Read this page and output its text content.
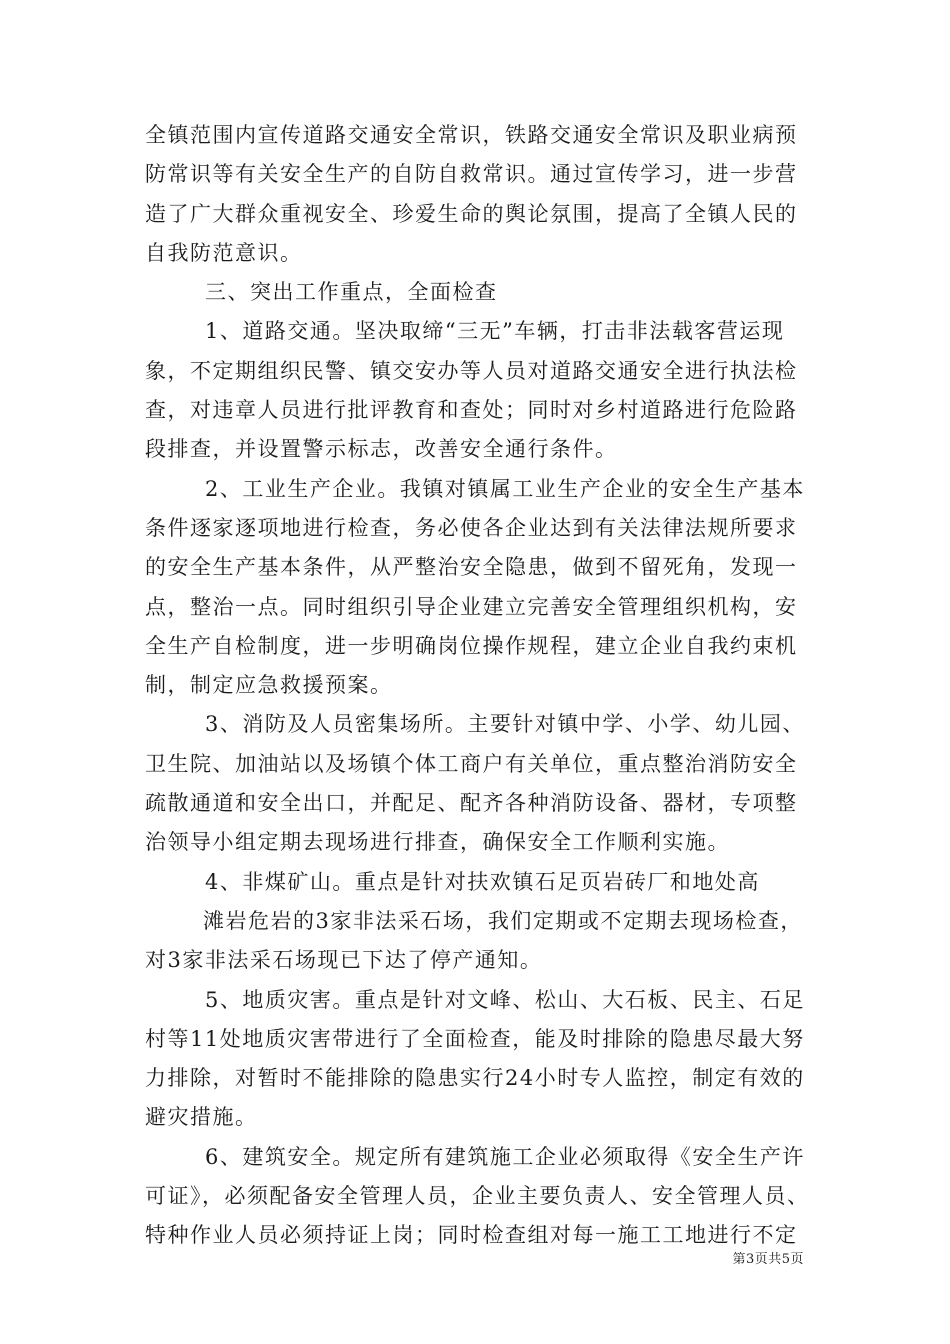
全镇范围内宣传道路交通安全常识，铁路交通安全常识及职业病预防常识等有关安全生产的自防自救常识。通过宣传学习，进一步营造了广大群众重视安全、珍爱生命的舆论氛围，提高了全镇人民的自我防范意识。

三、突出工作重点，全面检查

1、道路交通。坚决取缔“三无”车辆，打击非法载客营运现象，不定期组织民警、镇交安办等人员对道路交通安全进行执法检查，对违章人员进行批评教育和查处；同时对乡村道路进行危险路段排查，并设置警示标志，改善安全通行条件。

2、工业生产企业。我镇对镇属工业生产企业的安全生产基本条件逐家逐项地进行检查，务必使各企业达到有关法律法规所要求的安全生产基本条件，从严整治安全隐患，做到不留死角，发现一点，整治一点。同时组织引导企业建立完善安全管理组织机构，安全生产自检制度，进一步明确岗位操作规程，建立企业自我约束机制，制定应急救援预案。

3、消防及人员密集场所。主要针对镇中学、小学、幼儿园、卫生院、加油站以及场镇个体工商户有关单位，重点整治消防安全疏散通道和安全出口，并配足、配齐各种消防设备、器材，专项整治领导小组定期去现场进行排查，确保安全工作顺利实施。

4、非煤矿山。重点是针对扶欢镇石足页岩砖厂和地处高

滩岩危岩的3家非法采石场，我们定期或不定期去现场检查，

对3家非法采石场现已下达了停产通知。

5、地质灾害。重点是针对文峰、松山、大石板、民主、石足村等11处地质灾害带进行了全面检查，能及时排除的隐患尽最大努力排除，对暂时不能排除的隐患实行24小时专人监控，制定有效的避灾措施。

6、建筑安全。规定所有建筑施工企业必须取得《安全生产许可证》，必须配备安全管理人员，企业主要负责人、安全管理人员、特种作业人员必须持证上岗；同时检查组对每一施工工地进行不定

第3页共5页
